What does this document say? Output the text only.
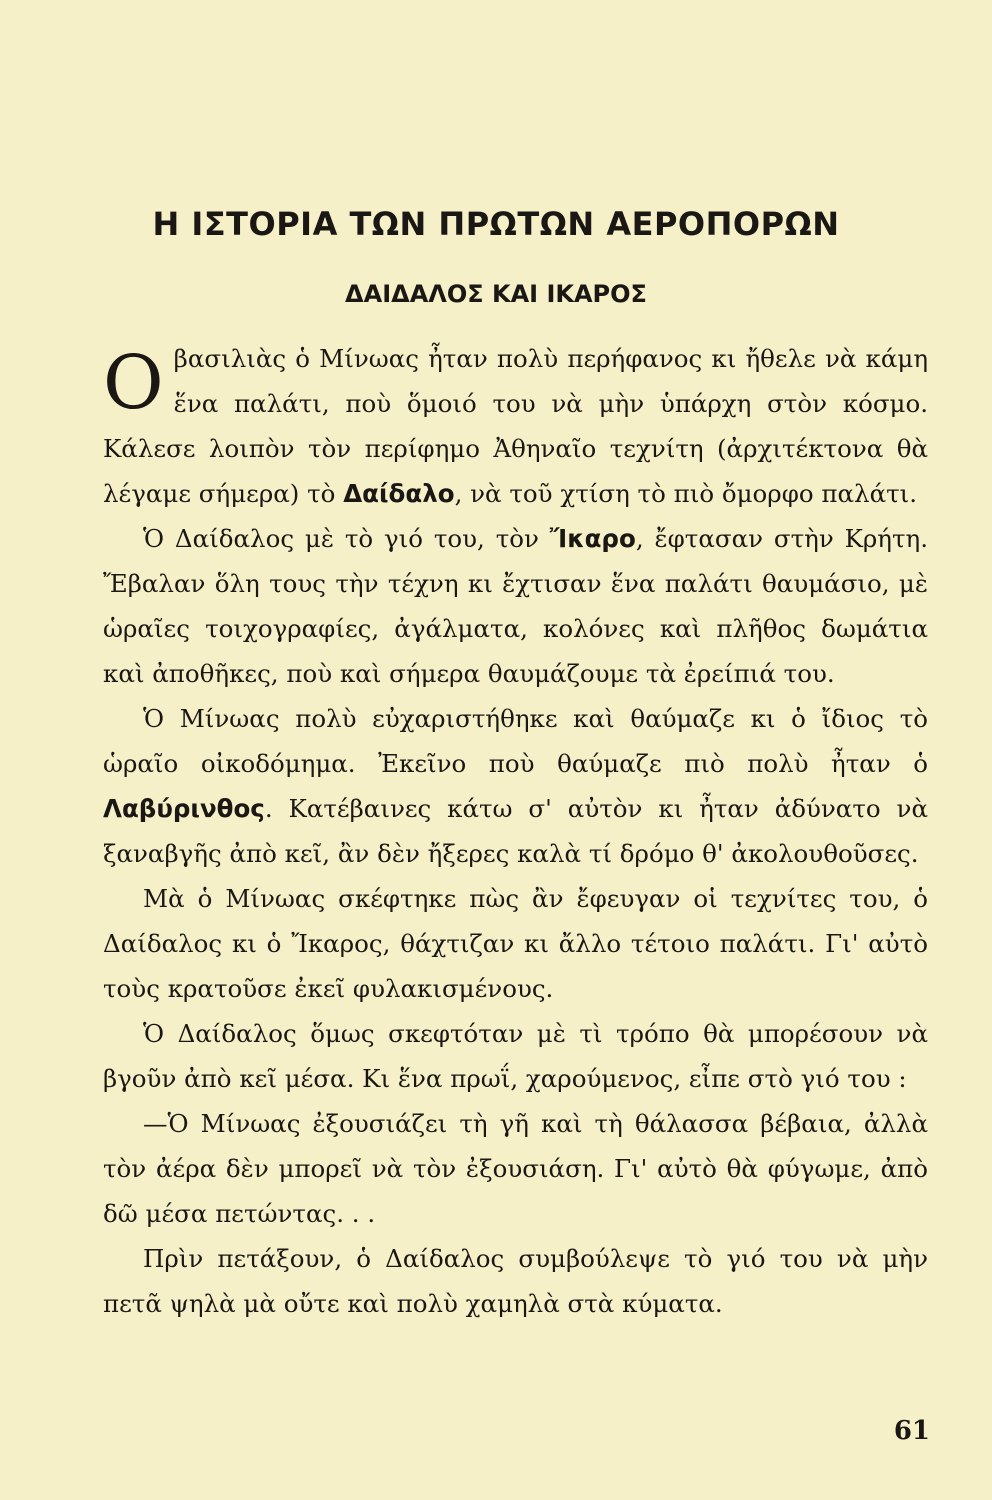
Η ΙΣΤΟΡΙΑ ΤΩΝ ΠΡΩΤΩΝ ΑΕΡΟΠΟΡΩΝ
ΔΑΙΔΑΛΟΣ ΚΑΙ ΙΚΑΡΟΣ

Οβασιλιὰς ὁ Μίνωας ἦταν πολὺ περήφανος κι ἤθελε νὰ κάμη ἕνα παλάτι, ποὺ ὅμοιό του νὰ μὴν ὑπάρχη στὸν κόσμο. Κάλεσε λοιπὸν τὸν περίφημο Ἀθηναῖο τεχνίτη (ἀρχιτέκτονα θὰ λέγαμε σήμερα) τὸ Δαίδαλο, νὰ τοῦ χτίση τὸ πιὸ ὄμορφο παλάτι.

Ὁ Δαίδαλος μὲ τὸ γιό του, τὸν Ἴκαρο, ἔφτασαν στὴν Κρήτη. Ἔβαλαν ὅλη τους τὴν τέχνη κι ἔχτισαν ἕνα παλάτι θαυμάσιο, μὲ ὡραῖες τοιχογραφίες, ἀγάλματα, κολόνες καὶ πλῆθος δωμάτια καὶ ἀποθῆκες, ποὺ καὶ σήμερα θαυμάζουμε τὰ ἐρείπιά του.

Ὁ Μίνωας πολὺ εὐχαριστήθηκε καὶ θαύμαζε κι ὁ ἴδιος τὸ ὡραῖο οἰκοδόμημα. Ἐκεῖνο ποὺ θαύμαζε πιὸ πολὺ ἦταν ὁ Λαβύρινθος. Κατέβαινες κάτω σ' αὐτὸν κι ἦταν ἀδύνατο νὰ ξαναβγῆς ἀπὸ κεῖ, ἂν δὲν ἤξερες καλὰ τί δρόμο θ' ἀκολουθοῦσες.

Μὰ ὁ Μίνωας σκέφτηκε πὼς ἂν ἔφευγαν οἱ τεχνίτες του, ὁ Δαίδαλος κι ὁ Ἴκαρος, θάχτιζαν κι ἄλλο τέτοιο παλάτι. Γι' αὐτὸ τοὺς κρατοῦσε ἐκεῖ φυλακισμένους.

Ὁ Δαίδαλος ὅμως σκεφτόταν μὲ τὶ τρόπο θὰ μπορέσουν νὰ βγοῦν ἀπὸ κεῖ μέσα. Κι ἕνα πρωΐ, χαρούμενος, εἶπε στὸ γιό του :

—Ὁ Μίνωας ἐξουσιάζει τὴ γῆ καὶ τὴ θάλασσα βέβαια, ἀλλὰ τὸν ἀέρα δὲν μπορεῖ νὰ τὸν ἐξουσιάση. Γι' αὐτὸ θὰ φύγωμε, ἀπὸ δῶ μέσα πετώντας. . .

Πρὶν πετάξουν, ὁ Δαίδαλος συμβούλεψε τὸ γιό του νὰ μὴν πετᾶ ψηλὰ μὰ οὔτε καὶ πολὺ χαμηλὰ στὰ κύματα.

61
